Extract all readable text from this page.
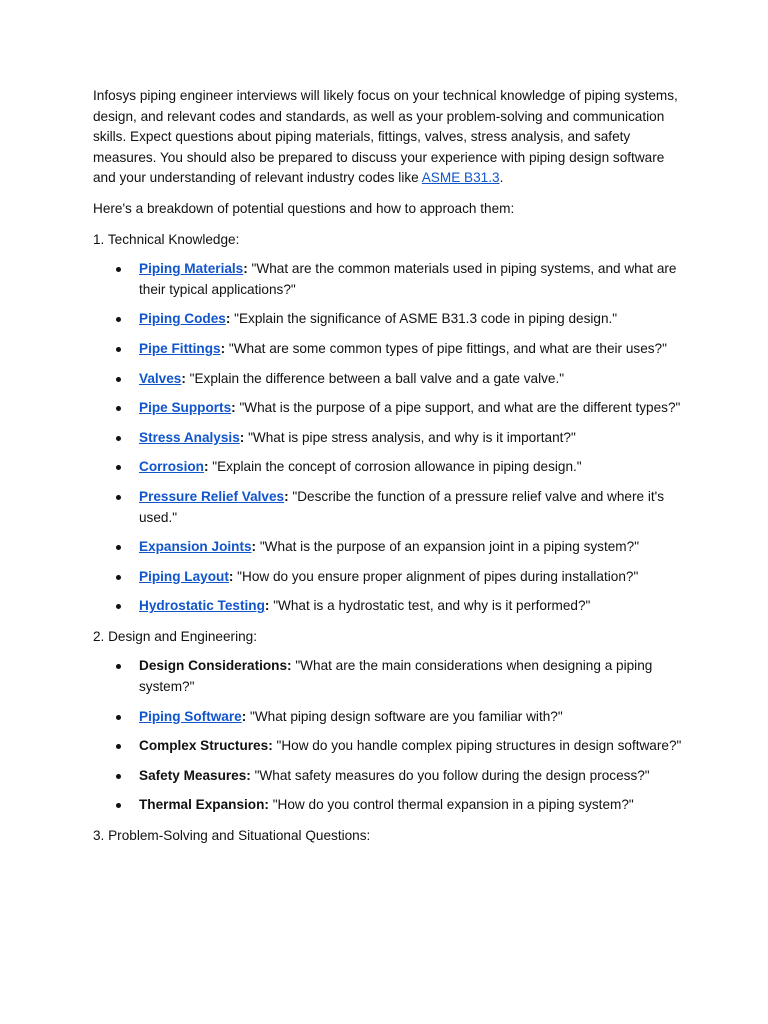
Infosys piping engineer interviews will likely focus on your technical knowledge of piping systems, design, and relevant codes and standards, as well as your problem-solving and communication skills. Expect questions about piping materials, fittings, valves, stress analysis, and safety measures. You should also be prepared to discuss your experience with piping design software and your understanding of relevant industry codes like ASME B31.3.

Here's a breakdown of potential questions and how to approach them:

1. Technical Knowledge:

Piping Materials: "What are the common materials used in piping systems, and what are their typical applications?"
Piping Codes: "Explain the significance of ASME B31.3 code in piping design."
Pipe Fittings: "What are some common types of pipe fittings, and what are their uses?"
Valves: "Explain the difference between a ball valve and a gate valve."
Pipe Supports: "What is the purpose of a pipe support, and what are the different types?"
Stress Analysis: "What is pipe stress analysis, and why is it important?"
Corrosion: "Explain the concept of corrosion allowance in piping design."
Pressure Relief Valves: "Describe the function of a pressure relief valve and where it's used."
Expansion Joints: "What is the purpose of an expansion joint in a piping system?"
Piping Layout: "How do you ensure proper alignment of pipes during installation?"
Hydrostatic Testing: "What is a hydrostatic test, and why is it performed?"

2. Design and Engineering:

Design Considerations: "What are the main considerations when designing a piping system?"
Piping Software: "What piping design software are you familiar with?"
Complex Structures: "How do you handle complex piping structures in design software?"
Safety Measures: "What safety measures do you follow during the design process?"
Thermal Expansion: "How do you control thermal expansion in a piping system?"

3. Problem-Solving and Situational Questions:
